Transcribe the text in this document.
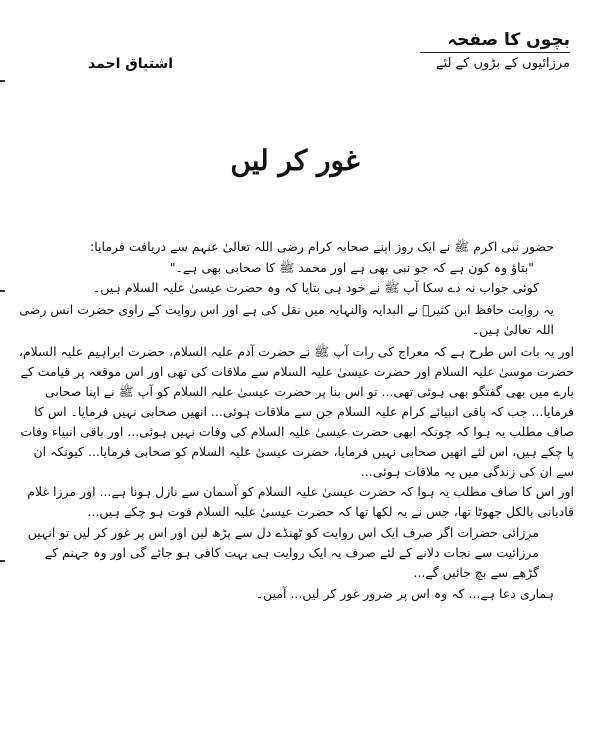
بچوں کا صفحہ
مرزائیوں کے بڑوں کے لئے
اشتیاق احمد
غور کر لیں

حضور نبی اکرم ﷺ نے ایک روز اپنے صحابہ کرام رضی اللہ تعالیٰ عنہم سے دریافت فرمایا:

"بتاؤ وہ کون ہے کہ جو نبی بھی ہے اور محمد ﷺ کا صحابی بھی ہے۔"

کوئی جواب نہ دے سکا آپ ﷺ نے خود ہی بتایا کہ وہ حضرت عیسیٰ علیہ السلام ہیں۔

یہ روایت حافظ ابن کثیرؒ نے البدایہ والنہایہ میں نقل کی ہے اور اس روایت کے راوی حضرت انس رضی اللہ تعالیٰ ہیں۔

اور یہ بات اس طرح ہے کہ معراج کی رات آپ ﷺ نے حضرت آدم علیہ السلام، حضرت ابراہیم علیہ السلام، حضرت موسیٰ علیہ السلام اور حضرت عیسیٰ علیہ السلام سے ملاقات کی تھی اور اس موقعہ پر قیامت کے بارے میں بھی گفتگو بھی ہوئی تھی... تو اس بنا پر حضرت عیسیٰ علیہ السلام کو آپ ﷺ نے اپنا صحابی فرمایا... جب کہ باقی انبیائے کرام علیہ السلام جن سے ملاقات ہوئی... انھیں صحابی نہیں فرمایا۔ اس کا صاف مطلب یہ ہوا کہ چونکہ ابھی حضرت عیسیٰ علیہ السلام کی وفات نہیں ہوئی... اور باقی انبیاء وفات پا چکے ہیں، اس لئے انھیں صحابی نہیں فرمایا، حضرت عیسیٰ علیہ السلام کو صحابی فرمایا... کیونکہ ان سے ان کی زندگی میں یہ ملاقات ہوئی...

اور اس کا صاف مطلب یہ ہوا کہ حضرت عیسیٰ علیہ السلام کو آسمان سے نازل ہونا ہے... اور مرزا غلام قادیانی بالکل جھوٹا تھا، جس نے یہ لکھا تھا کہ حضرت عیسیٰ علیہ السلام فوت ہو چکے ہیں...

مرزائی حضرات اگر صرف ایک اس روایت کو ٹھنڈے دل سے پڑھ لیں اور اس پر غور کر لیں تو انہیں مرزائیت سے نجات دلانے کے لئے صرف یہ ایک روایت ہی بہت کافی ہو جائے گی اور وہ جہنم کے گڑھے سے بچ جائیں گے...

ہماری دعا ہے... کہ وہ اس پر ضرور غور کر لیں... آمین۔
